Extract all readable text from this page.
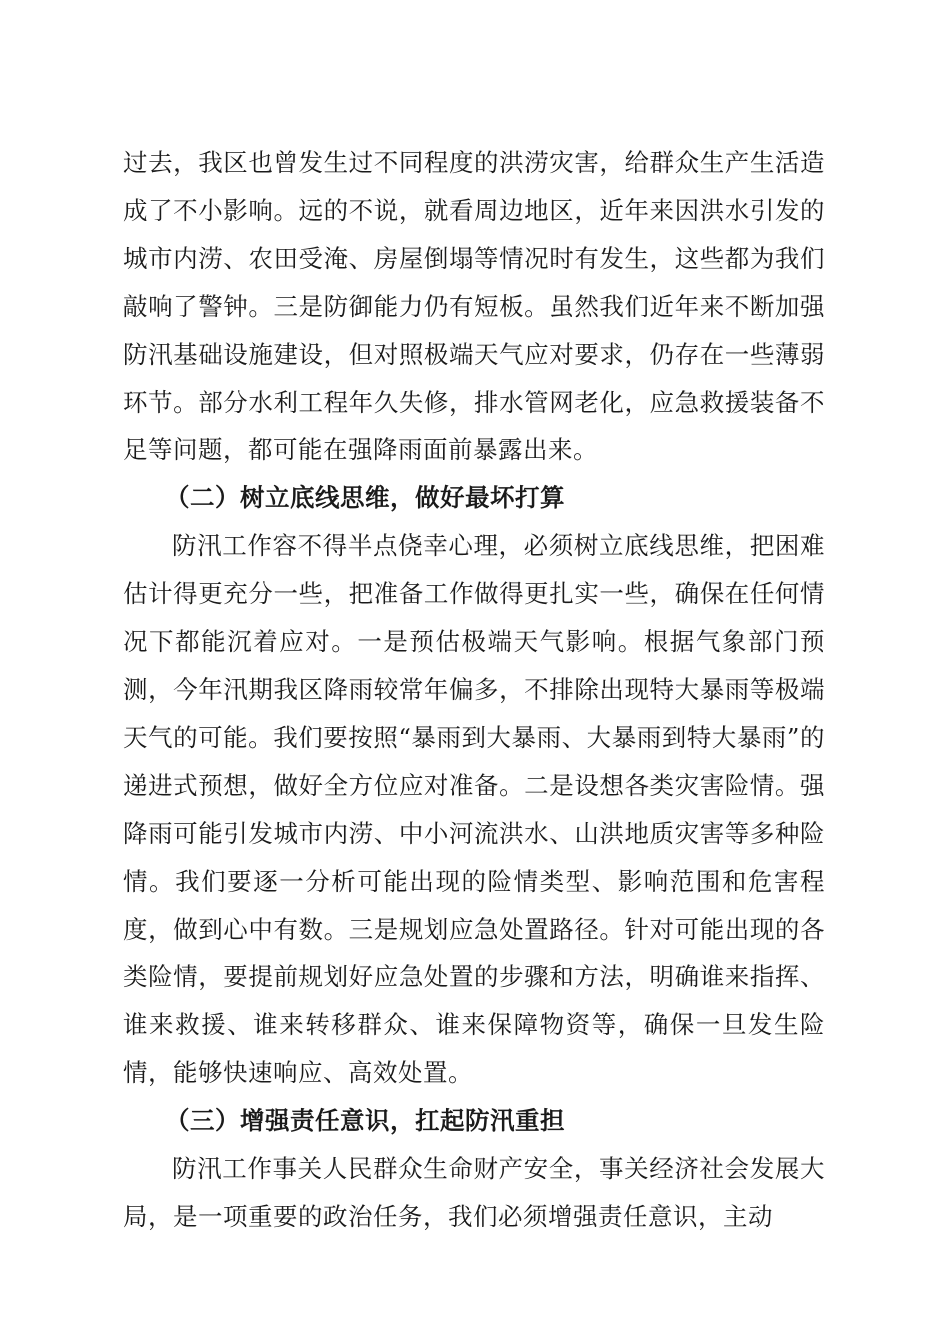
过去，我区也曾发生过不同程度的洪涝灾害，给群众生产生活造成了不小影响。远的不说，就看周边地区，近年来因洪水引发的城市内涝、农田受淹、房屋倒塌等情况时有发生，这些都为我们敲响了警钟。三是防御能力仍有短板。虽然我们近年来不断加强防汛基础设施建设，但对照极端天气应对要求，仍存在一些薄弱环节。部分水利工程年久失修，排水管网老化，应急救援装备不足等问题，都可能在强降雨面前暴露出来。

（二）树立底线思维，做好最坏打算

防汛工作容不得半点侥幸心理，必须树立底线思维，把困难估计得更充分一些，把准备工作做得更扎实一些，确保在任何情况下都能沉着应对。一是预估极端天气影响。根据气象部门预测，今年汛期我区降雨较常年偏多，不排除出现特大暴雨等极端天气的可能。我们要按照“暴雨到大暴雨、大暴雨到特大暴雨”的递进式预想，做好全方位应对准备。二是设想各类灾害险情。强降雨可能引发城市内涝、中小河流洪水、山洪地质灾害等多种险情。我们要逐一分析可能出现的险情类型、影响范围和危害程度，做到心中有数。三是规划应急处置路径。针对可能出现的各类险情，要提前规划好应急处置的步骤和方法，明确谁来指挥、谁来救援、谁来转移群众、谁来保障物资等，确保一旦发生险情，能够快速响应、高效处置。

（三）增强责任意识，扛起防汛重担

防汛工作事关人民群众生命财产安全，事关经济社会发展大局，是一项重要的政治任务，我们必须增强责任意识，主动
